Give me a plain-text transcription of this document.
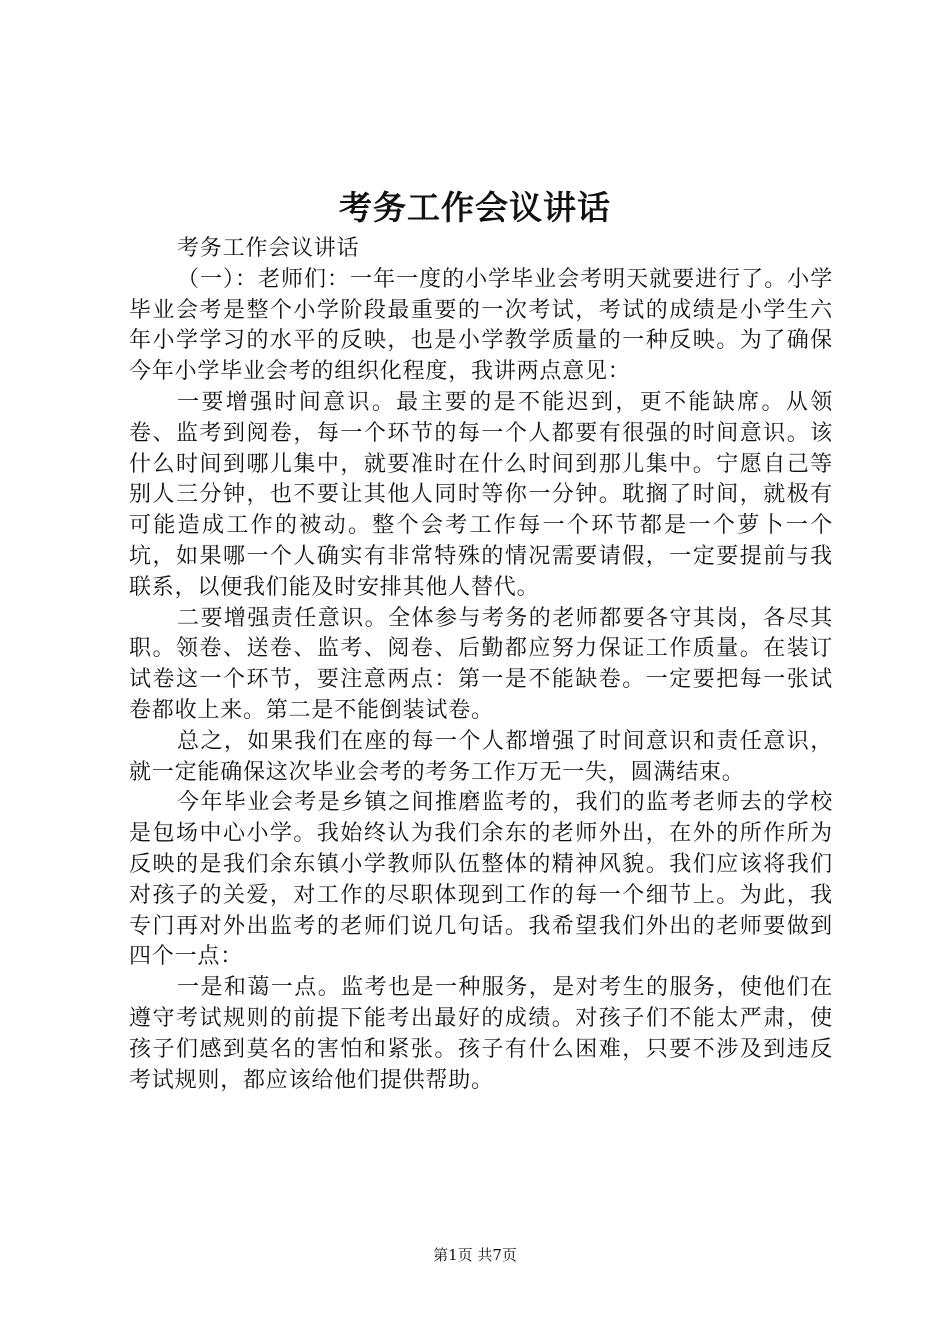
考务工作会议讲话

考务工作会议讲话

（一）：老师们：一年一度的小学毕业会考明天就要进行了。小学毕业会考是整个小学阶段最重要的一次考试，考试的成绩是小学生六年小学学习的水平的反映，也是小学教学质量的一种反映。为了确保今年小学毕业会考的组织化程度，我讲两点意见：

一要增强时间意识。最主要的是不能迟到，更不能缺席。从领卷、监考到阅卷，每一个环节的每一个人都要有很强的时间意识。该什么时间到哪儿集中，就要准时在什么时间到那儿集中。宁愿自己等别人三分钟，也不要让其他人同时等你一分钟。耽搁了时间，就极有可能造成工作的被动。整个会考工作每一个环节都是一个萝卜一个坑，如果哪一个人确实有非常特殊的情况需要请假，一定要提前与我联系，以便我们能及时安排其他人替代。

二要增强责任意识。全体参与考务的老师都要各守其岗，各尽其职。领卷、送卷、监考、阅卷、后勤都应努力保证工作质量。在装订试卷这一个环节，要注意两点：第一是不能缺卷。一定要把每一张试卷都收上来。第二是不能倒装试卷。

总之，如果我们在座的每一个人都增强了时间意识和责任意识，就一定能确保这次毕业会考的考务工作万无一失，圆满结束。

今年毕业会考是乡镇之间推磨监考的，我们的监考老师去的学校是包场中心小学。我始终认为我们余东的老师外出，在外的所作所为反映的是我们余东镇小学教师队伍整体的精神风貌。我们应该将我们对孩子的关爱，对工作的尽职体现到工作的每一个细节上。为此，我专门再对外出监考的老师们说几句话。我希望我们外出的老师要做到四个一点：

一是和蔼一点。监考也是一种服务，是对考生的服务，使他们在遵守考试规则的前提下能考出最好的成绩。对孩子们不能太严肃，使孩子们感到莫名的害怕和紧张。孩子有什么困难，只要不涉及到违反考试规则，都应该给他们提供帮助。

第1页 共7页
